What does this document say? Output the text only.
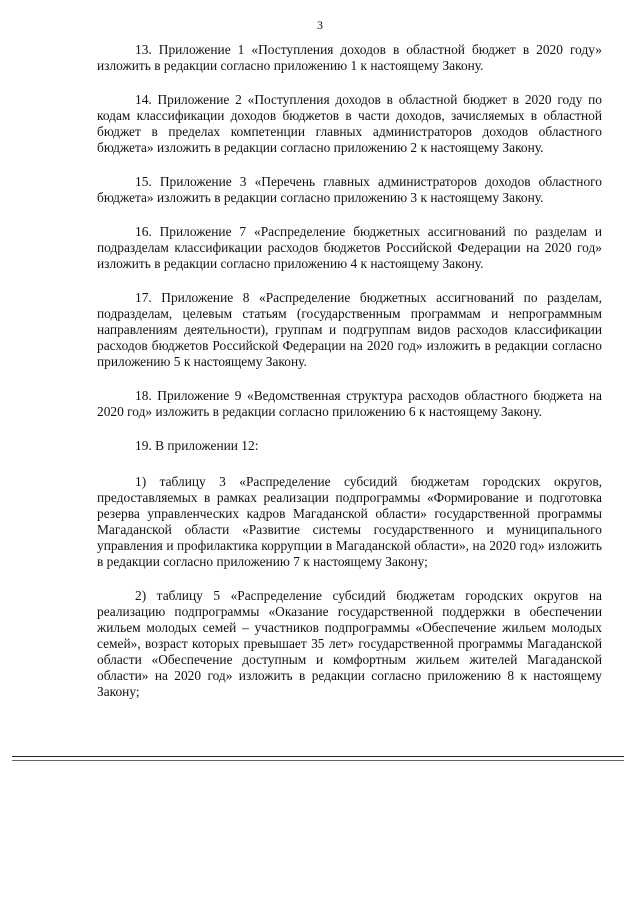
3

13. Приложение 1 «Поступления доходов в областной бюджет в 2020 году» изложить в редакции согласно приложению 1 к настоящему Закону.

14. Приложение 2 «Поступления доходов в областной бюджет в 2020 году по кодам классификации доходов бюджетов в части доходов, зачисляемых в областной бюджет в пределах компетенции главных администраторов доходов областного бюджета» изложить в редакции согласно приложению 2 к настоящему Закону.

15. Приложение 3 «Перечень главных администраторов доходов областного бюджета» изложить в редакции согласно приложению 3 к настоящему Закону.

16. Приложение 7 «Распределение бюджетных ассигнований по разделам и подразделам классификации расходов бюджетов Российской Федерации на 2020 год» изложить в редакции согласно приложению 4 к настоящему Закону.

17. Приложение 8 «Распределение бюджетных ассигнований по разделам, подразделам, целевым статьям (государственным программам и непрограммным направлениям деятельности), группам и подгруппам видов расходов классификации расходов бюджетов Российской Федерации на 2020 год» изложить в редакции согласно приложению 5 к настоящему Закону.

18. Приложение 9 «Ведомственная структура расходов областного бюджета на 2020 год» изложить в редакции согласно приложению 6 к настоящему Закону.

19. В приложении 12:

1) таблицу 3 «Распределение субсидий бюджетам городских округов, предоставляемых в рамках реализации подпрограммы «Формирование и подготовка резерва управленческих кадров Магаданской области» государственной программы Магаданской области «Развитие системы государственного и муниципального управления и профилактика коррупции в Магаданской области», на 2020 год» изложить в редакции согласно приложению 7 к настоящему Закону;

2) таблицу 5 «Распределение субсидий бюджетам городских округов на реализацию подпрограммы «Оказание государственной поддержки в обеспечении жильем молодых семей – участников подпрограммы «Обеспечение жильем молодых семей», возраст которых превышает 35 лет» государственной программы Магаданской области «Обеспечение доступным и комфортным жильем жителей Магаданской области» на 2020 год» изложить в редакции согласно приложению 8 к настоящему Закону;
